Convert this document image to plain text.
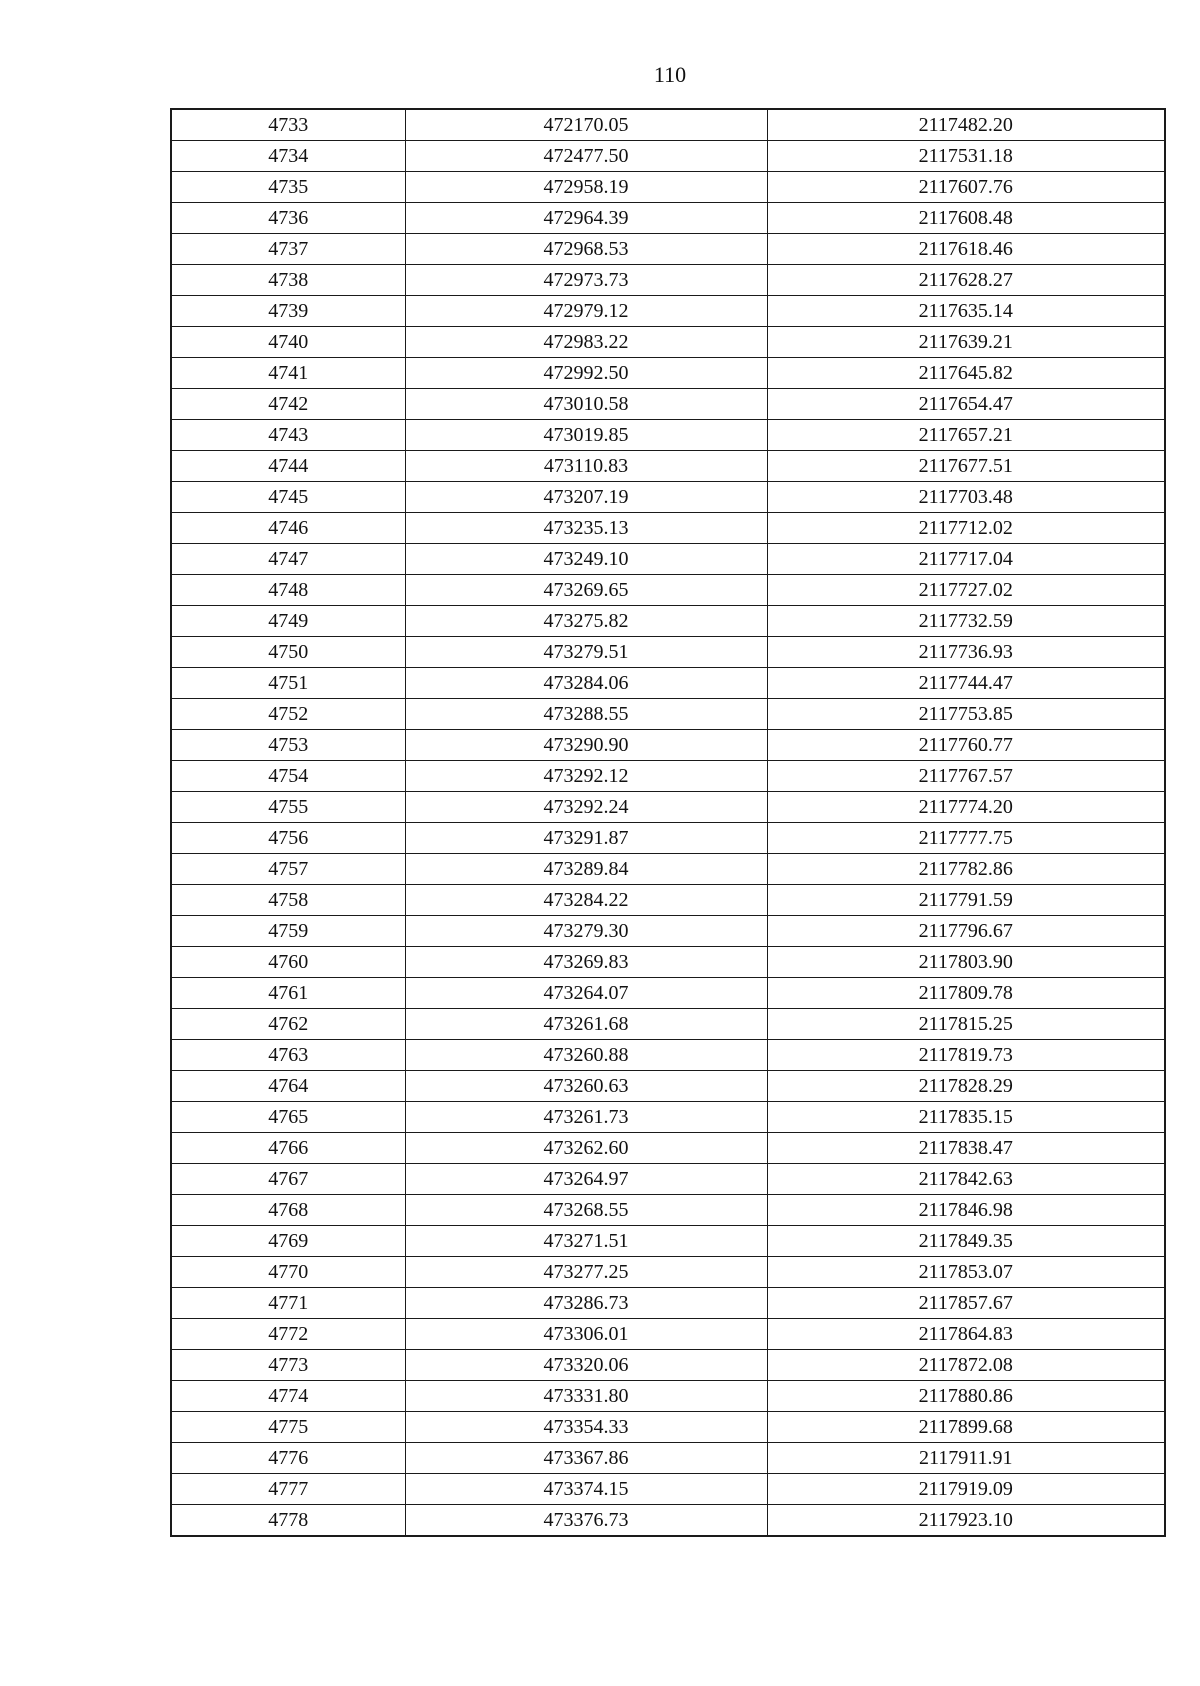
110
4733	472170.05	2117482.20
4734	472477.50	2117531.18
4735	472958.19	2117607.76
4736	472964.39	2117608.48
4737	472968.53	2117618.46
4738	472973.73	2117628.27
4739	472979.12	2117635.14
4740	472983.22	2117639.21
4741	472992.50	2117645.82
4742	473010.58	2117654.47
4743	473019.85	2117657.21
4744	473110.83	2117677.51
4745	473207.19	2117703.48
4746	473235.13	2117712.02
4747	473249.10	2117717.04
4748	473269.65	2117727.02
4749	473275.82	2117732.59
4750	473279.51	2117736.93
4751	473284.06	2117744.47
4752	473288.55	2117753.85
4753	473290.90	2117760.77
4754	473292.12	2117767.57
4755	473292.24	2117774.20
4756	473291.87	2117777.75
4757	473289.84	2117782.86
4758	473284.22	2117791.59
4759	473279.30	2117796.67
4760	473269.83	2117803.90
4761	473264.07	2117809.78
4762	473261.68	2117815.25
4763	473260.88	2117819.73
4764	473260.63	2117828.29
4765	473261.73	2117835.15
4766	473262.60	2117838.47
4767	473264.97	2117842.63
4768	473268.55	2117846.98
4769	473271.51	2117849.35
4770	473277.25	2117853.07
4771	473286.73	2117857.67
4772	473306.01	2117864.83
4773	473320.06	2117872.08
4774	473331.80	2117880.86
4775	473354.33	2117899.68
4776	473367.86	2117911.91
4777	473374.15	2117919.09
4778	473376.73	2117923.10
